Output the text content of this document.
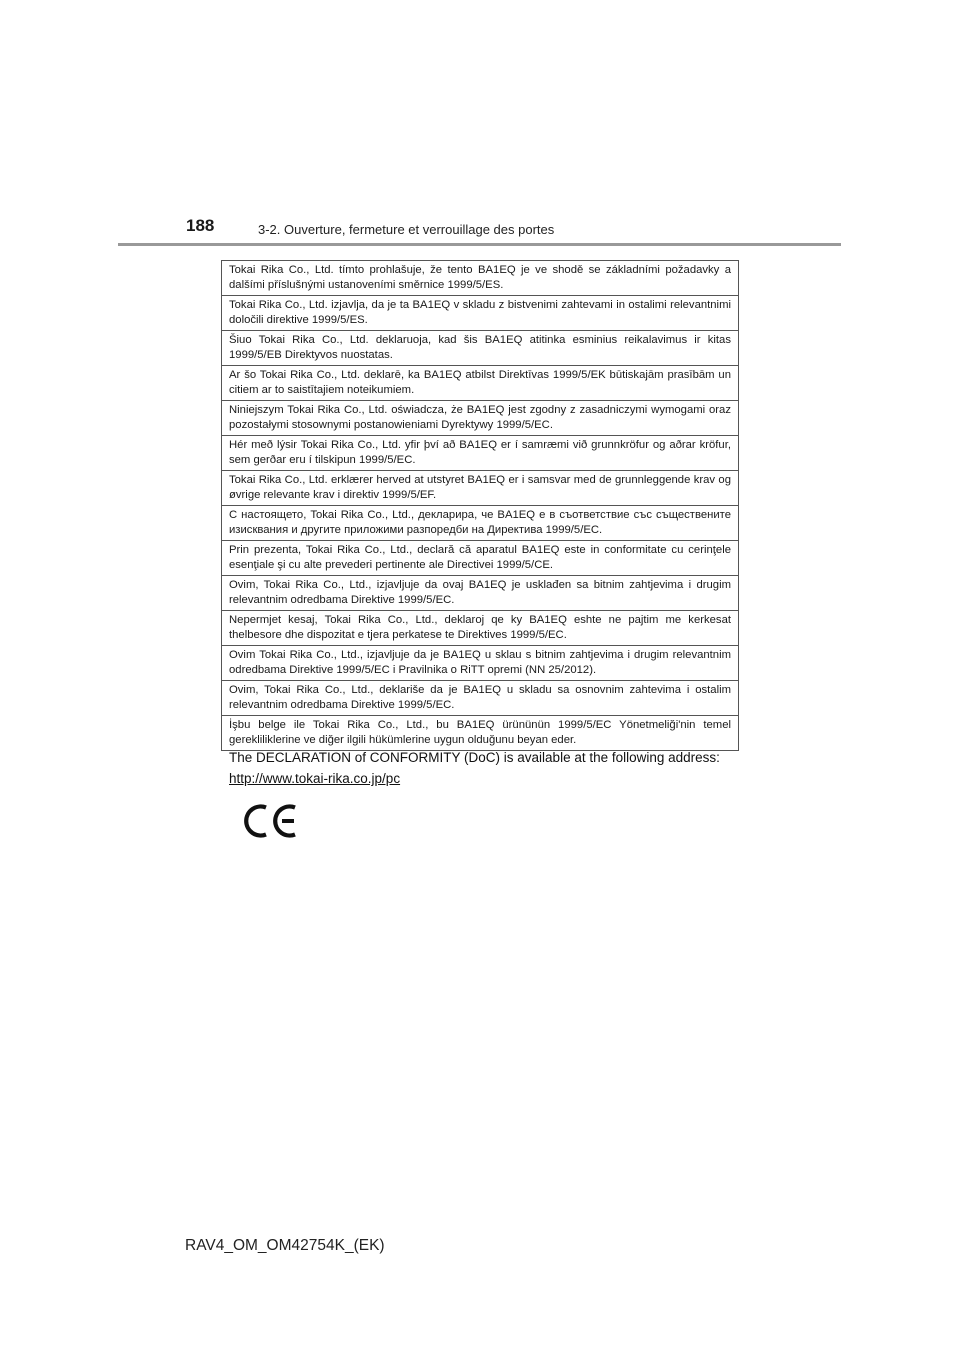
188	3-2. Ouverture, fermeture et verrouillage des portes
Tokai Rika Co., Ltd. tímto prohlašuje, že tento BA1EQ je ve shodě se základními požadavky a dalšími příslušnými ustanoveními směrnice 1999/5/ES.
Tokai Rika Co., Ltd. izjavlja, da je ta BA1EQ v skladu z bistvenimi zahtevami in ostalimi relevantnimi določili direktive 1999/5/ES.
Šiuo Tokai Rika Co., Ltd. deklaruoja, kad šis BA1EQ atitinka esminius reikalavimus ir kitas 1999/5/EB Direktyvos nuostatas.
Ar šo Tokai Rika Co., Ltd. deklarē, ka BA1EQ atbilst Direktīvas 1999/5/EK būtiskajām prasībām un citiem ar to saistītajiem noteikumiem.
Niniejszym Tokai Rika Co., Ltd. oświadcza, że BA1EQ jest zgodny z zasadniczymi wymogami oraz pozostałymi stosownymi postanowieniami Dyrektywy 1999/5/EC.
Hér með lýsir Tokai Rika Co., Ltd. yfir því að BA1EQ er í samræmi við grunnkröfur og aðrar kröfur, sem gerðar eru í tilskipun 1999/5/EC.
Tokai Rika Co., Ltd. erklærer herved at utstyret BA1EQ er i samsvar med de grunnleggende krav og øvrige relevante krav i direktiv 1999/5/EF.
С настоящето, Tokai Rika Co., Ltd., декларира, че BA1EQ е в съответствие със съществените изисквания и другите приложими разпоредби на Директива 1999/5/EC.
Prin prezenta, Tokai Rika Co., Ltd., declară că aparatul BA1EQ este in conformitate cu cerinţele esenţiale şi cu alte prevederi pertinente ale Directivei 1999/5/CE.
Ovim, Tokai Rika Co., Ltd., izjavljuje da ovaj BA1EQ je usklađen sa bitnim zahtjevima i drugim relevantnim odredbama Direktive 1999/5/EC.
Nepermjet kesaj, Tokai Rika Co., Ltd., deklaroj qe ky BA1EQ eshte ne pajtim me kerkesat thelbesore dhe dispozitat e tjera perkatese te Direktives 1999/5/EC.
Ovim Tokai Rika Co., Ltd., izjavljuje da je BA1EQ u sklau s bitnim zahtjevima i drugim relevantnim odredbama Direktive 1999/5/EC i Pravilnika o RiTT opremi (NN 25/2012).
Ovim, Tokai Rika Co., Ltd., deklariše da je BA1EQ u skladu sa osnovnim zahtevima i ostalim relevantnim odredbama Direktive 1999/5/EC.
İşbu belge ile Tokai Rika Co., Ltd., bu BA1EQ ürününün 1999/5/EC Yönetmeliği'nin temel gerekliliklerine ve diğer ilgili hükümlerine uygun olduğunu beyan eder.
The DECLARATION of CONFORMITY (DoC) is available at the following address:
http://www.tokai-rika.co.jp/pc
RAV4_OM_OM42754K_(EK)
